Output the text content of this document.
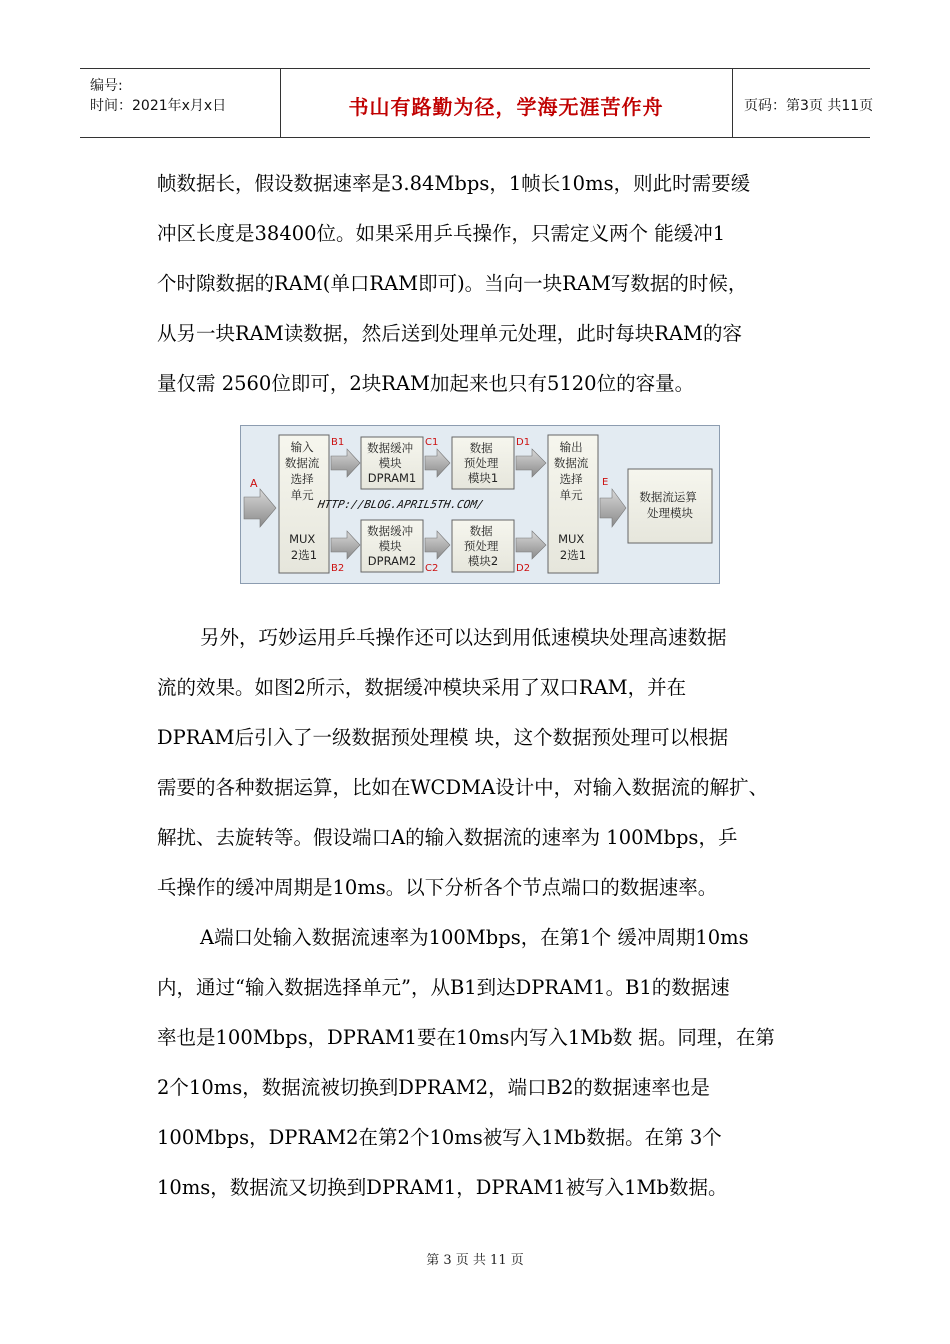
编号:
时间：2021年x月x日	书山有路勤为径，学海无涯苦作舟	页码：第3页 共11页
帧数据长，假设数据速率是3.84Mbps，1帧长10ms，则此时需要缓
冲区长度是38400位。如果采用乒乓操作，只需定义两个 能缓冲1
个时隙数据的RAM(单口RAM即可)。当向一块RAM写数据的时候，
从另一块RAM读数据，然后送到处理单元处理，此时每块RAM的容
量仅需 2560位即可，2块RAM加起来也只有5120位的容量。
A
输入 数据流 选择 单元 MUX 2选1
B1
B2
数据缓冲 模块 DPRAM1
数据缓冲 模块 DPRAM2
C1
C2
数据 预处理 模块1
数据 预处理 模块2
D1
D2
输出 数据流 选择 单元 MUX 2选1
E
数据流运算 处理模块
HTTP://BLOG.APRIL5TH.COM/
另外，巧妙运用乒乓操作还可以达到用低速模块处理高速数据
流的效果。如图2所示，数据缓冲模块采用了双口RAM，并在
DPRAM后引入了一级数据预处理模 块，这个数据预处理可以根据
需要的各种数据运算，比如在WCDMA设计中，对输入数据流的解扩、
解扰、去旋转等。假设端口A的输入数据流的速率为 100Mbps，乒
乓操作的缓冲周期是10ms。以下分析各个节点端口的数据速率。
A端口处输入数据流速率为100Mbps，在第1个 缓冲周期10ms
内，通过“输入数据选择单元”，从B1到达DPRAM1。B1的数据速
率也是100Mbps，DPRAM1要在10ms内写入1Mb数 据。同理，在第
2个10ms，数据流被切换到DPRAM2，端口B2的数据速率也是
100Mbps，DPRAM2在第2个10ms被写入1Mb数据。在第 3个
10ms，数据流又切换到DPRAM1，DPRAM1被写入1Mb数据。
第 3 页 共 11 页
